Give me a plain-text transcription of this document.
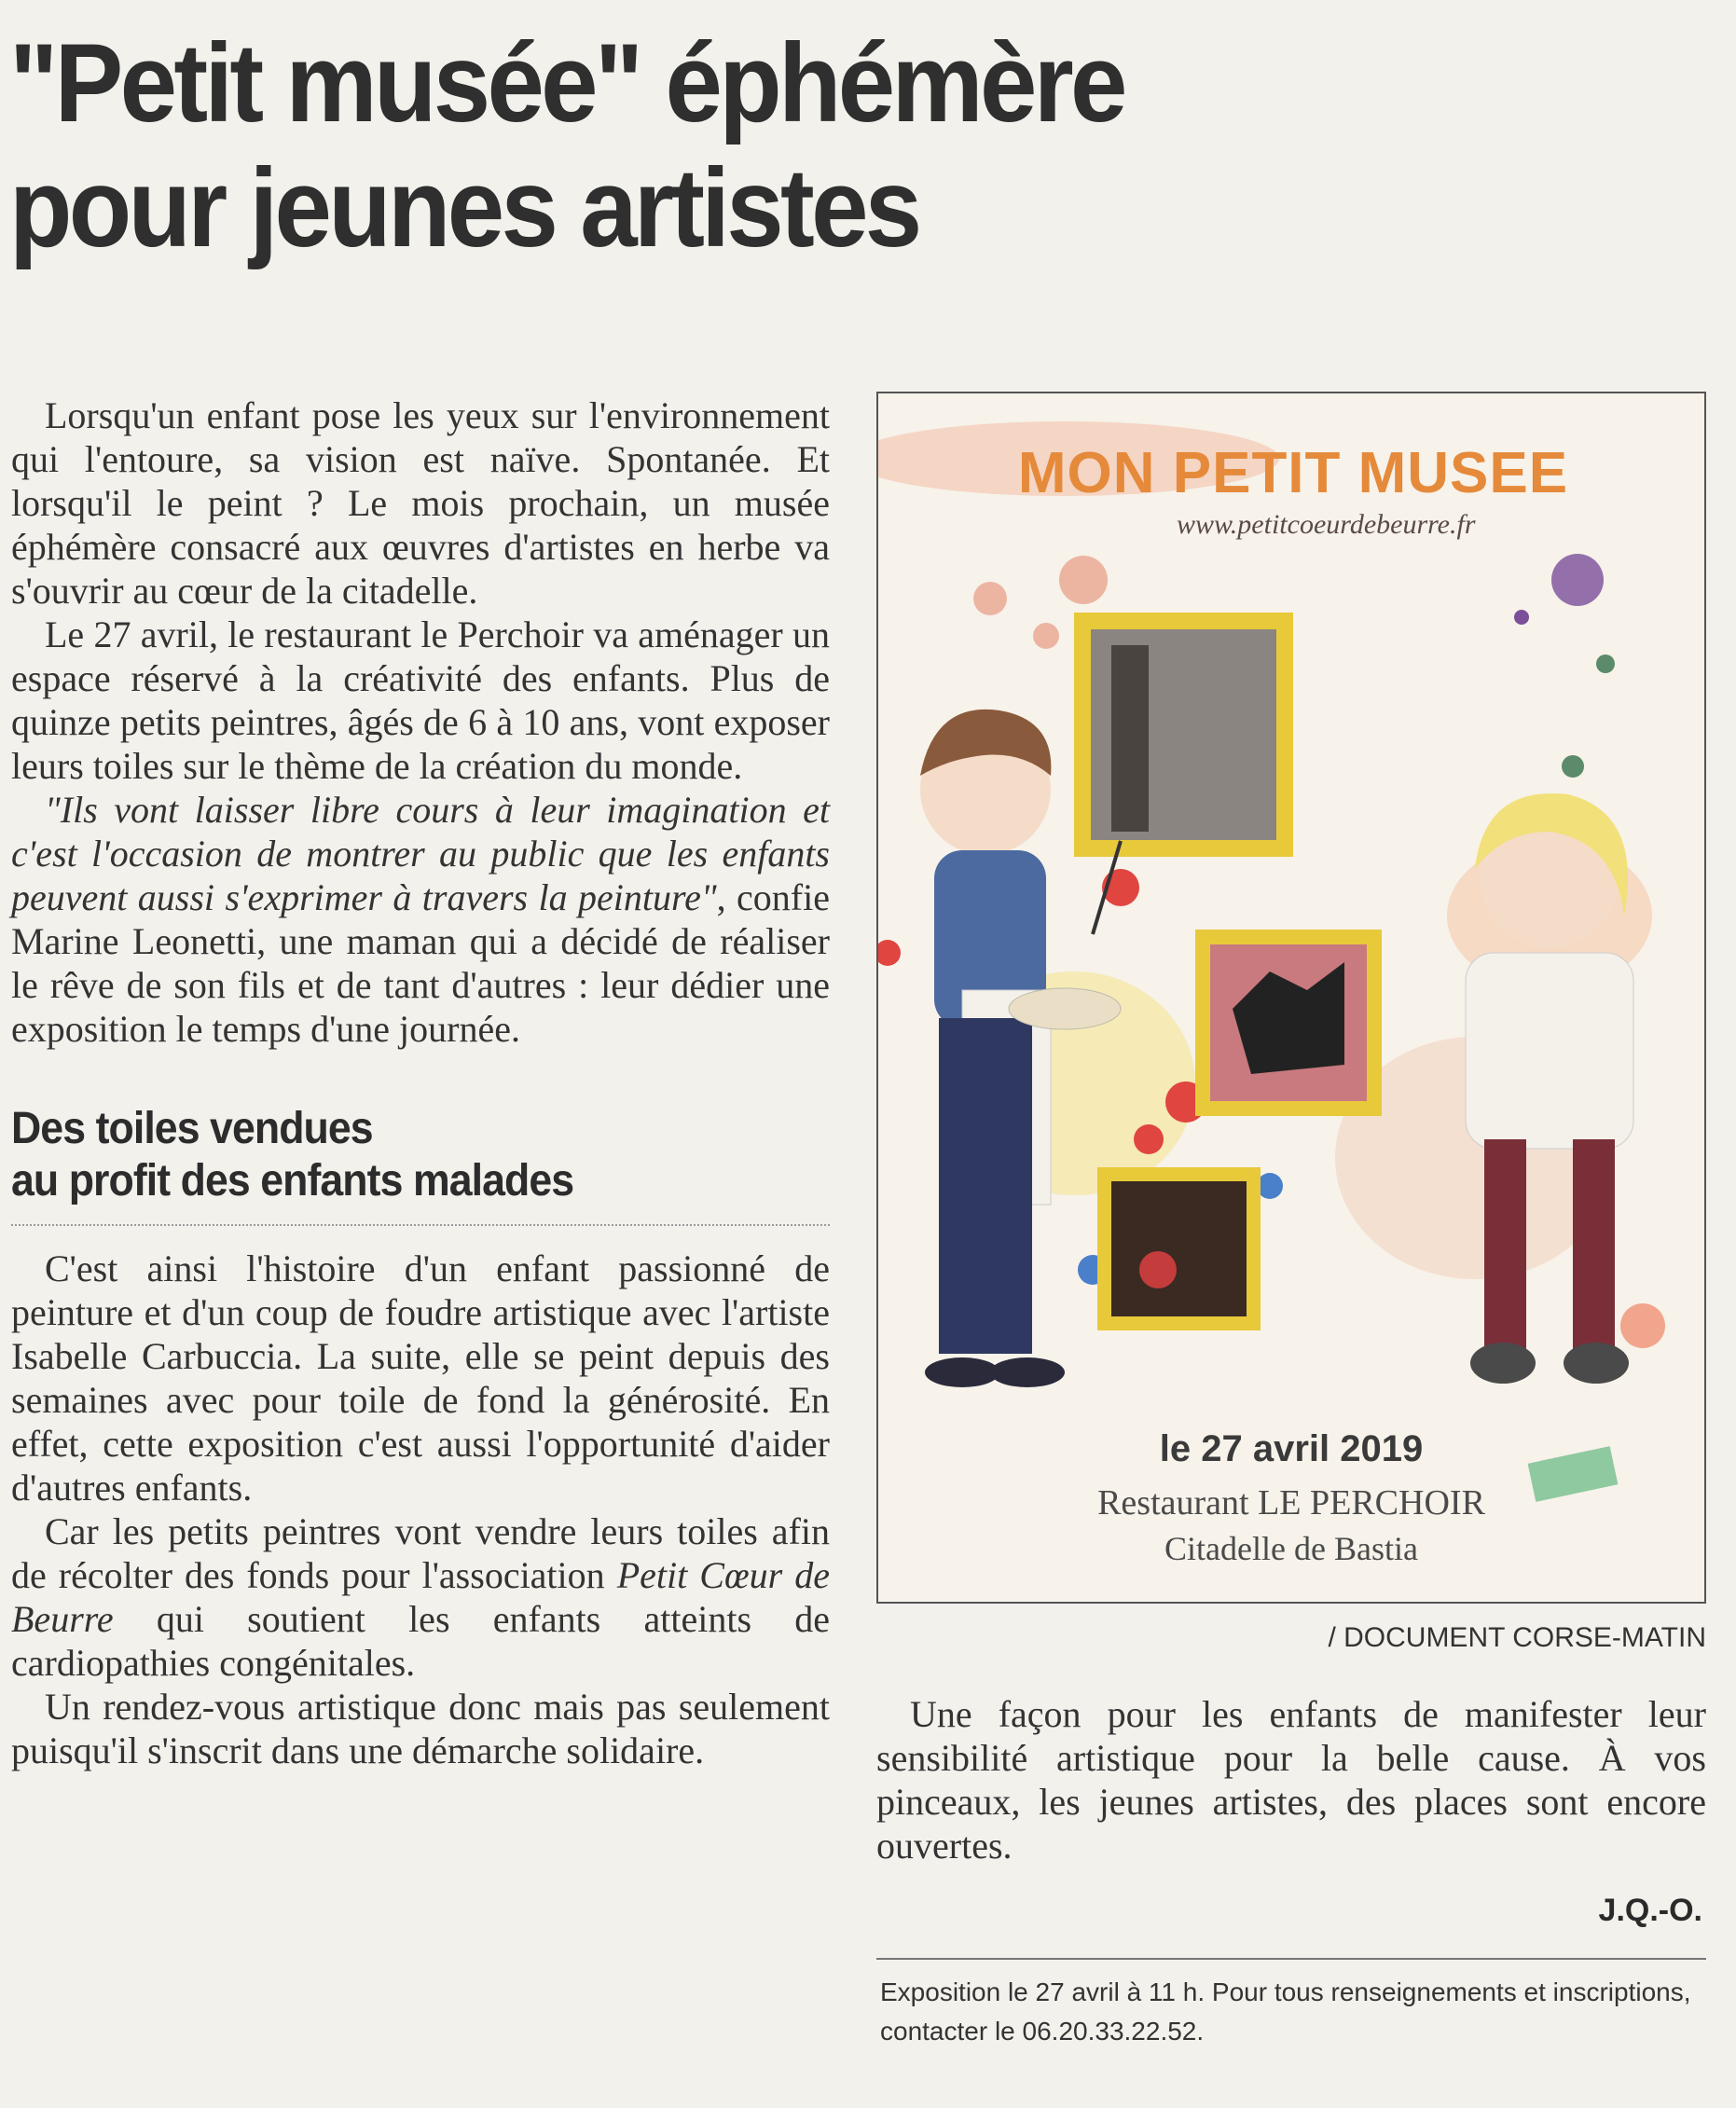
"Petit musée" éphémère
pour jeunes artistes

Lorsqu'un enfant pose les yeux sur l'environnement qui l'entoure, sa vision est naïve. Spontanée. Et lorsqu'il le peint ? Le mois prochain, un musée éphémère consacré aux œuvres d'artistes en herbe va s'ouvrir au cœur de la citadelle.

Le 27 avril, le restaurant le Perchoir va aménager un espace réservé à la créativité des enfants. Plus de quinze petits peintres, âgés de 6 à 10 ans, vont exposer leurs toiles sur le thème de la création du monde.

"Ils vont laisser libre cours à leur imagination et c'est l'occasion de montrer au public que les enfants peuvent aussi s'exprimer à travers la peinture", confie Marine Leonetti, une maman qui a décidé de réaliser le rêve de son fils et de tant d'autres : leur dédier une exposition le temps d'une journée.

Des toiles vendues
au profit des enfants malades

C'est ainsi l'histoire d'un enfant passionné de peinture et d'un coup de foudre artistique avec l'artiste Isabelle Carbuccia. La suite, elle se peint depuis des semaines avec pour toile de fond la générosité. En effet, cette exposition c'est aussi l'opportunité d'aider d'autres enfants.

Car les petits peintres vont vendre leurs toiles afin de récolter des fonds pour l'association Petit Cœur de Beurre qui soutient les enfants atteints de cardiopathies congénitales.

Un rendez-vous artistique donc mais pas seulement puisqu'il s'inscrit dans une démarche solidaire.

MON PETIT MUSEE
www.petitcoeurdebeurre.fr
le 27 avril 2019
Restaurant LE PERCHOIR
Citadelle de Bastia
/ DOCUMENT CORSE-MATIN

Une façon pour les enfants de manifester leur sensibilité artistique pour la belle cause. À vos pinceaux, les jeunes artistes, des places sont encore ouvertes.

J.Q.-O.
Exposition le 27 avril à 11 h. Pour tous renseignements et inscriptions, contacter le 06.20.33.22.52.
